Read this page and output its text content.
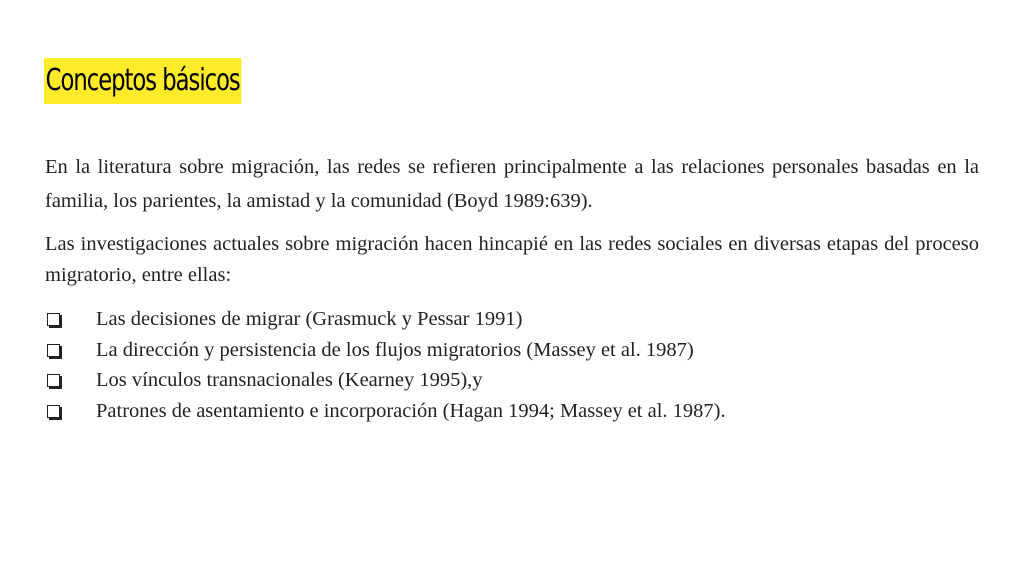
Conceptos básicos

En la literatura sobre migración, las redes se refieren principalmente a las relaciones personales basadas en la familia, los parientes, la amistad y la comunidad (Boyd 1989:639).

Las investigaciones actuales sobre migración hacen hincapié en las redes sociales en diversas etapas del proceso migratorio, entre ellas:

Las decisiones de migrar (Grasmuck y Pessar 1991)
La dirección y persistencia de los flujos migratorios (Massey et al. 1987)
Los vínculos transnacionales (Kearney 1995),y
Patrones de asentamiento e incorporación (Hagan 1994; Massey et al. 1987).
